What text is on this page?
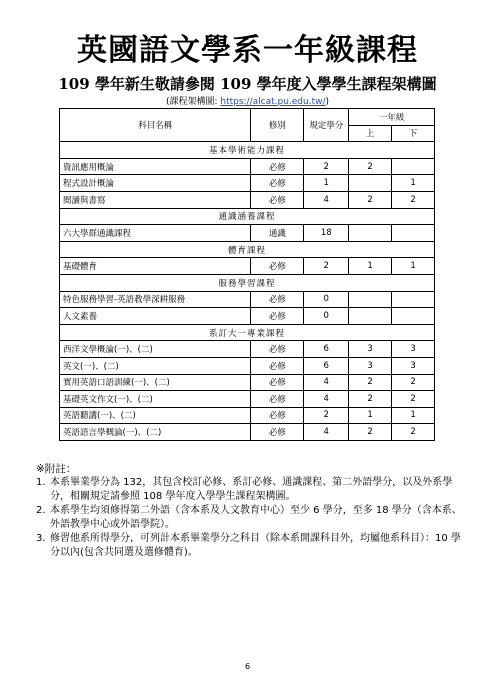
英國語文學系一年級課程
109 學年新生敬請參閱 109 學年度入學學生課程架構圖
(課程架構圖: https://alcat.pu.edu.tw/)
科目名稱	修別	規定學分	一年級	
			上	下
基本學術能力課程				
資訊應用概論	必修	2	2	
程式設計概論	必修	1		1
閱讀與書寫	必修	4	2	2
通識涵養課程				
六大學群通識課程	通識	18		
體育課程				
基礎體育	必修	2	1	1
服務學習課程				
特色服務學習-英語教學深耕服務	必修	0		
人文素養	必修	0		
系訂大一專業課程				
西洋文學概論(一)、(二)	必修	6	3	3
英文(一)、(二)	必修	6	3	3
實用英語口語訓練(一)、(二)	必修	4	2	2
基礎英文作文(一)、(二)	必修	4	2	2
英語聽講(一)、(二)	必修	2	1	1
英語語言學概論(一)、(二)	必修	4	2	2
※附註：
1. 本系畢業學分為 132，其包含校訂必修、系訂必修、通識課程、第二外語學分，以及外系學分，相關規定請參照 108 學年度入學學生課程架構圖。
2. 本系學生均須修得第二外語（含本系及人文教育中心）至少 6 學分，至多 18 學分（含本系、外語教學中心或外語學院）。
3. 修習他系所得學分，可列計本系畢業學分之科目（除本系開課科目外，均屬他系科目）：10 學分以內(包含共同選及選修體育)。
6
